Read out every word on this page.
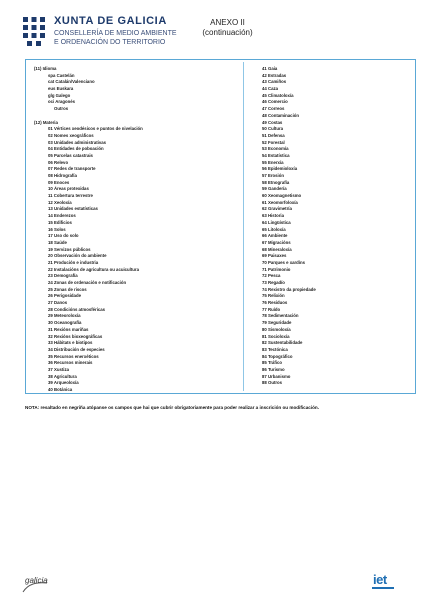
XUNTA DE GALICIA
CONSELLERÍA DE MEDIO AMBIENTE
E ORDENACIÓN DO TERRITORIO
ANEXO II
(continuación)
(11) Idioma
spa Castelán
cat Catalán/Valenciano
eus Euskara
glg Galego
oci Aragonés
Outros
(12) Materia
01 Vértices xeodésicos e puntos de nivelación
02 Nomes xeográficos
03 Unidades administrativas
04 Entidades de poboación
05 Parcelas catastrais
06 Relevo
07 Redes de transporte
08 Hidrografía
09 Enoces
10 Áreas protexidas
11 Cobertura terrestre
12 Xeoloxía
13 Unidades estatísticas
14 Enderezos
15 Edificios
16 Solos
17 Uso do solo
18 Saúde
19 Servizos públicos
20 Observación do ambiente
21 Produción e industria
22 Instalacións de agricultura ou acuicultura
23 Demografía
24 Zonas de ordenación e notificación
25 Zonas de riscos
26 Perigosidade
27 Danos
28 Condicións atmosféricas
29 Meteoroloxía
30 Oceanografía
31 Rexións mariñas
32 Rexións bioxeográficas
33 Hábitats e biotipos
34 Distribución de especies
35 Recursos enerxéticos
36 Recursos minerais
37 Xustiza
38 Agricultura
39 Arqueoloxía
40 Botánica
41 Gaia
42 Estradas
43 Camiños
44 Caza
45 Climatoloxía
46 Comercio
47 Correos
48 Contaminación
49 Costas
50 Cultura
51 Defensa
52 Forestal
53 Economía
54 Estatística
55 Enerxía
56 Epidemioloxía
57 Erosión
58 Etnografía
59 Gandería
60 Xeomagnetismo
61 Xeomorfoloxía
62 Gravimetría
63 Historia
64 Lingüística
65 Litoloxía
66 Ambiente
67 Migracións
68 Mineraloxía
69 Paisaxes
70 Parques e xardíns
71 Patrimonio
72 Pesca
73 Regadío
74 Rexistro da propiedade
75 Relixión
76 Residuos
77 Ruído
78 Sedimentación
79 Seguridade
80 Sismoloxía
81 Socioloxía
82 Sustentabilidade
83 Tectónica
84 Topográfico
85 Tráfico
86 Turismo
87 Urbanismo
88 Outros
NOTA: resaltado en negriña atópanse os campos que hai que cubrir obrigatoriamente para poder realizar a inscrición ou modificación.
galicia	iet
